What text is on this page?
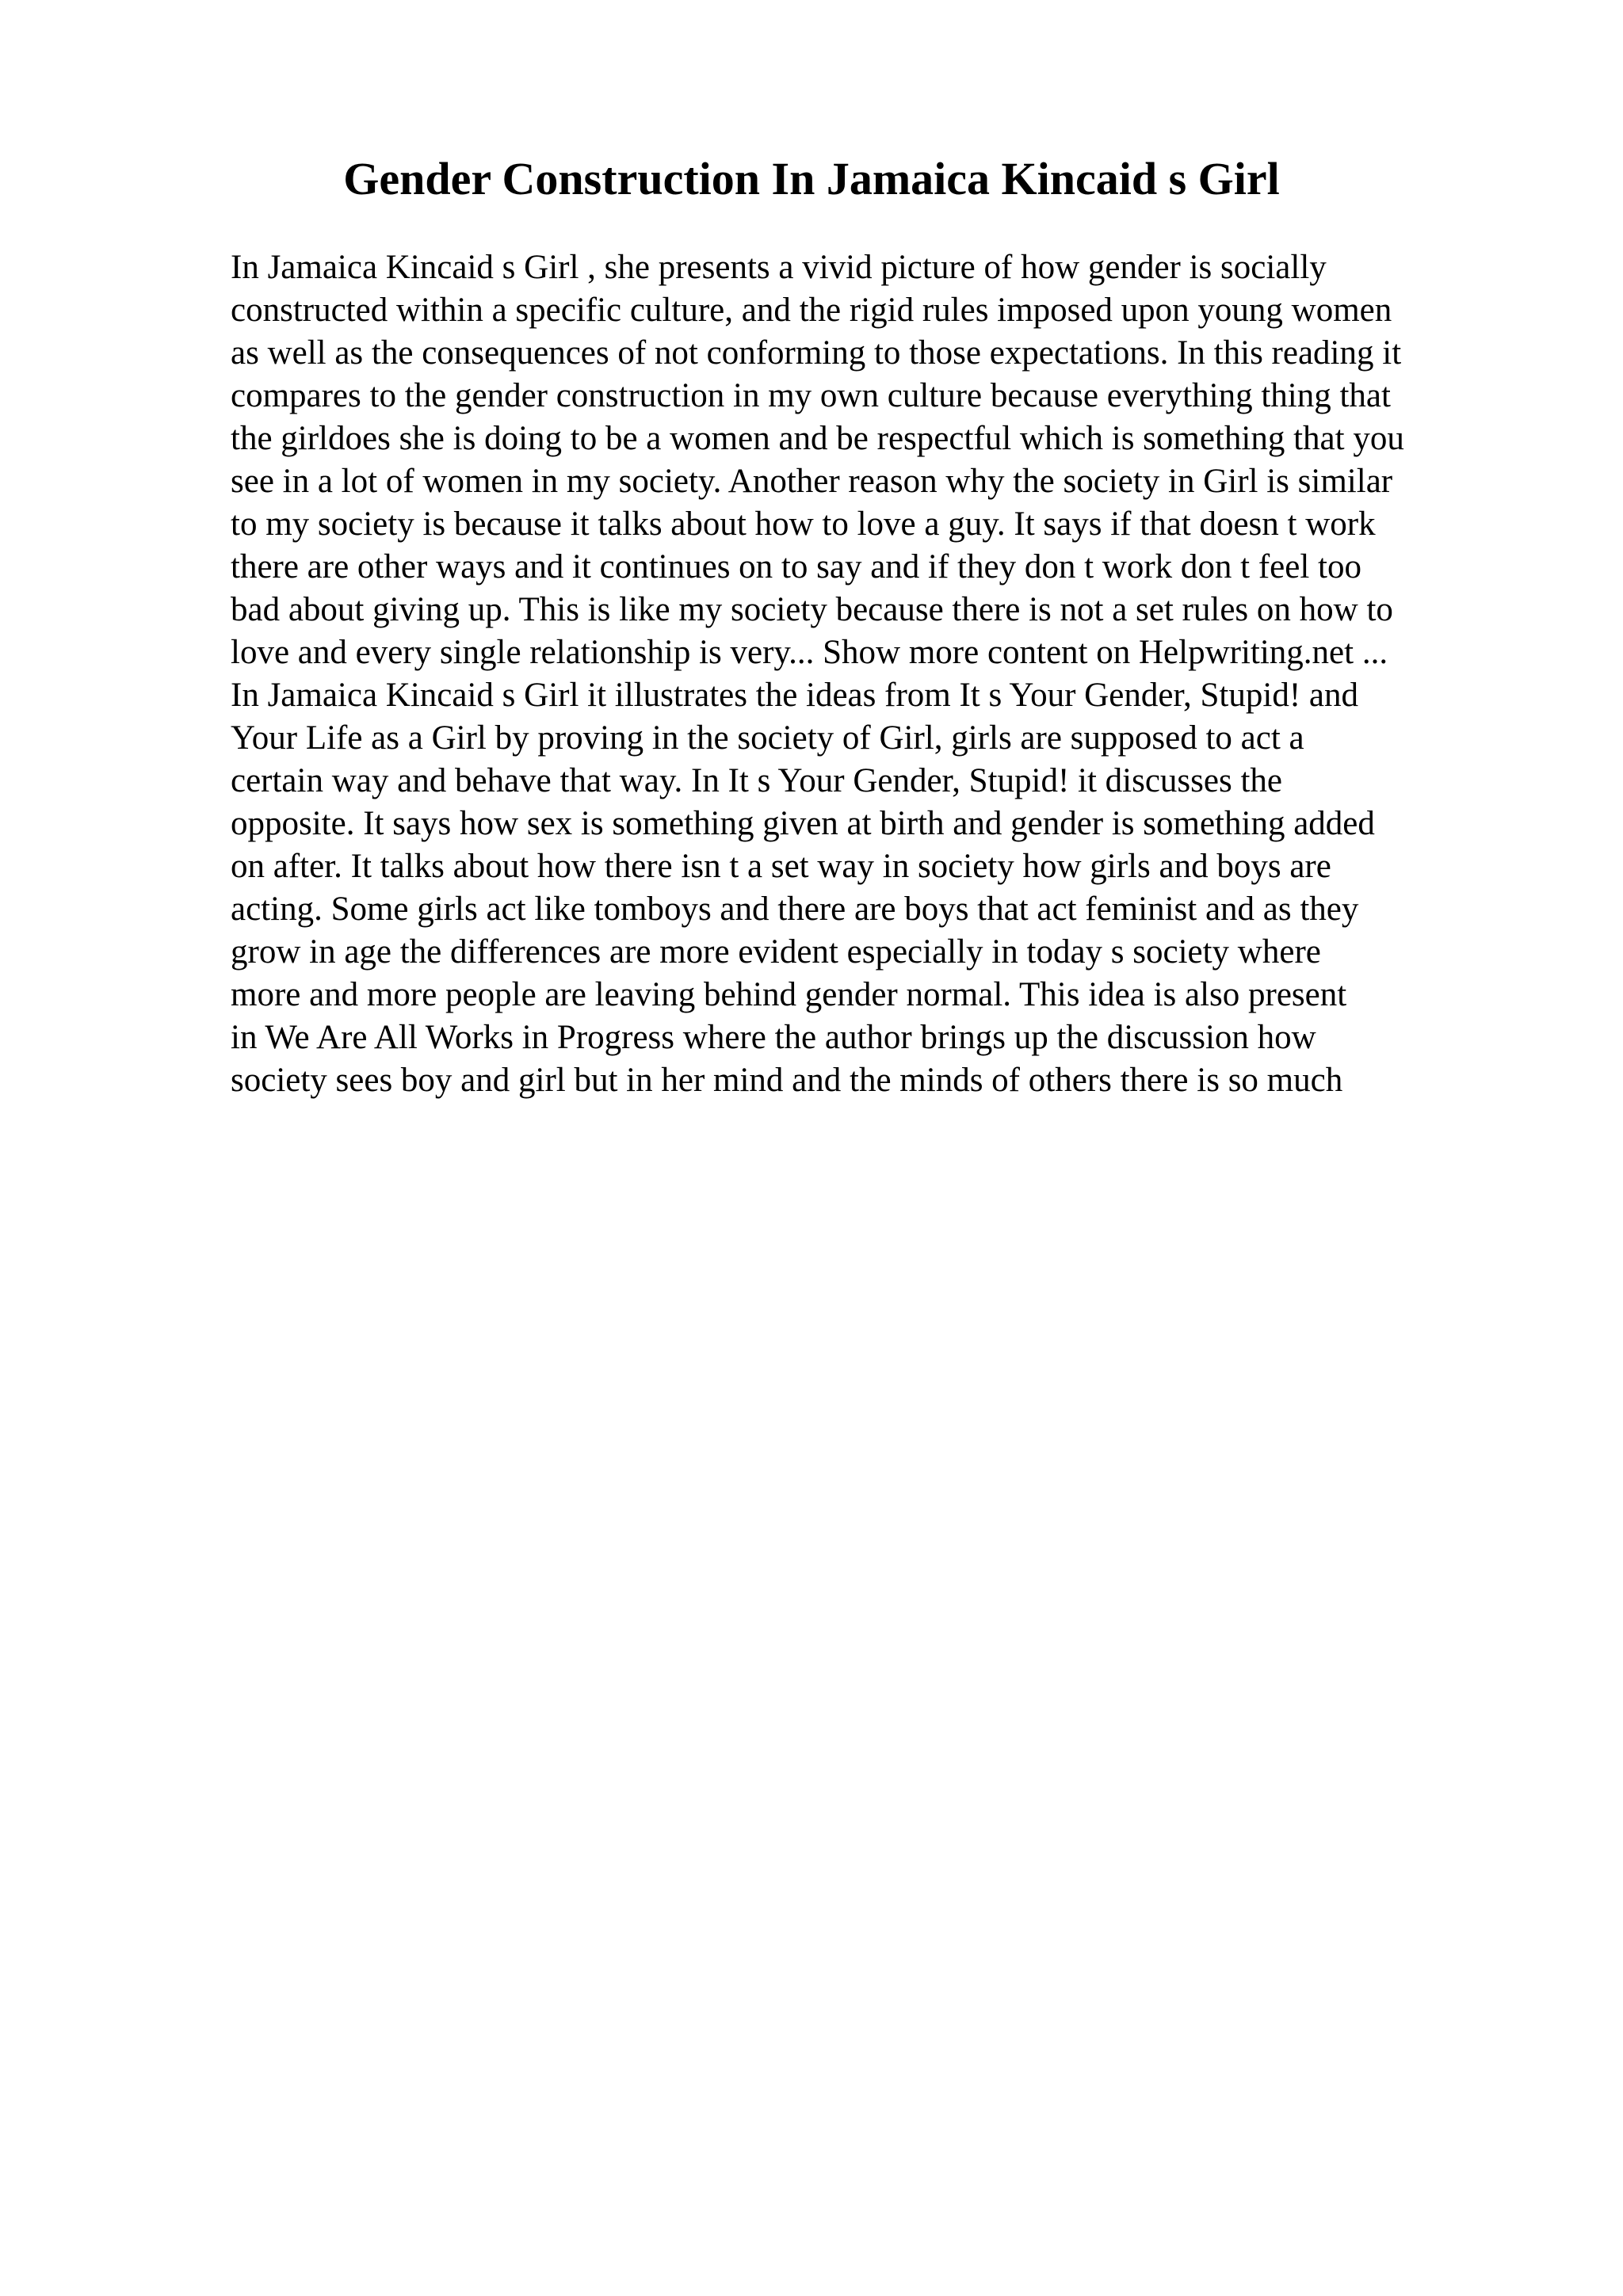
Gender Construction In Jamaica Kincaid s Girl
In Jamaica Kincaid s Girl , she presents a vivid picture of how gender is socially
constructed within a specific culture, and the rigid rules imposed upon young women
as well as the consequences of not conforming to those expectations. In this reading it
compares to the gender construction in my own culture because everything thing that
the girldoes she is doing to be a women and be respectful which is something that you
see in a lot of women in my society. Another reason why the society in Girl is similar
to my society is because it talks about how to love a guy. It says if that doesn t work
there are other ways and it continues on to say and if they don t work don t feel too
bad about giving up. This is like my society because there is not a set rules on how to
love and every single relationship is very... Show more content on Helpwriting.net ...
In Jamaica Kincaid s Girl it illustrates the ideas from It s Your Gender, Stupid! and
Your Life as a Girl by proving in the society of Girl, girls are supposed to act a
certain way and behave that way. In It s Your Gender, Stupid! it discusses the
opposite. It says how sex is something given at birth and gender is something added
on after. It talks about how there isn t a set way in society how girls and boys are
acting. Some girls act like tomboys and there are boys that act feminist and as they
grow in age the differences are more evident especially in today s society where
more and more people are leaving behind gender normal. This idea is also present
in We Are All Works in Progress where the author brings up the discussion how
society sees boy and girl but in her mind and the minds of others there is so much
